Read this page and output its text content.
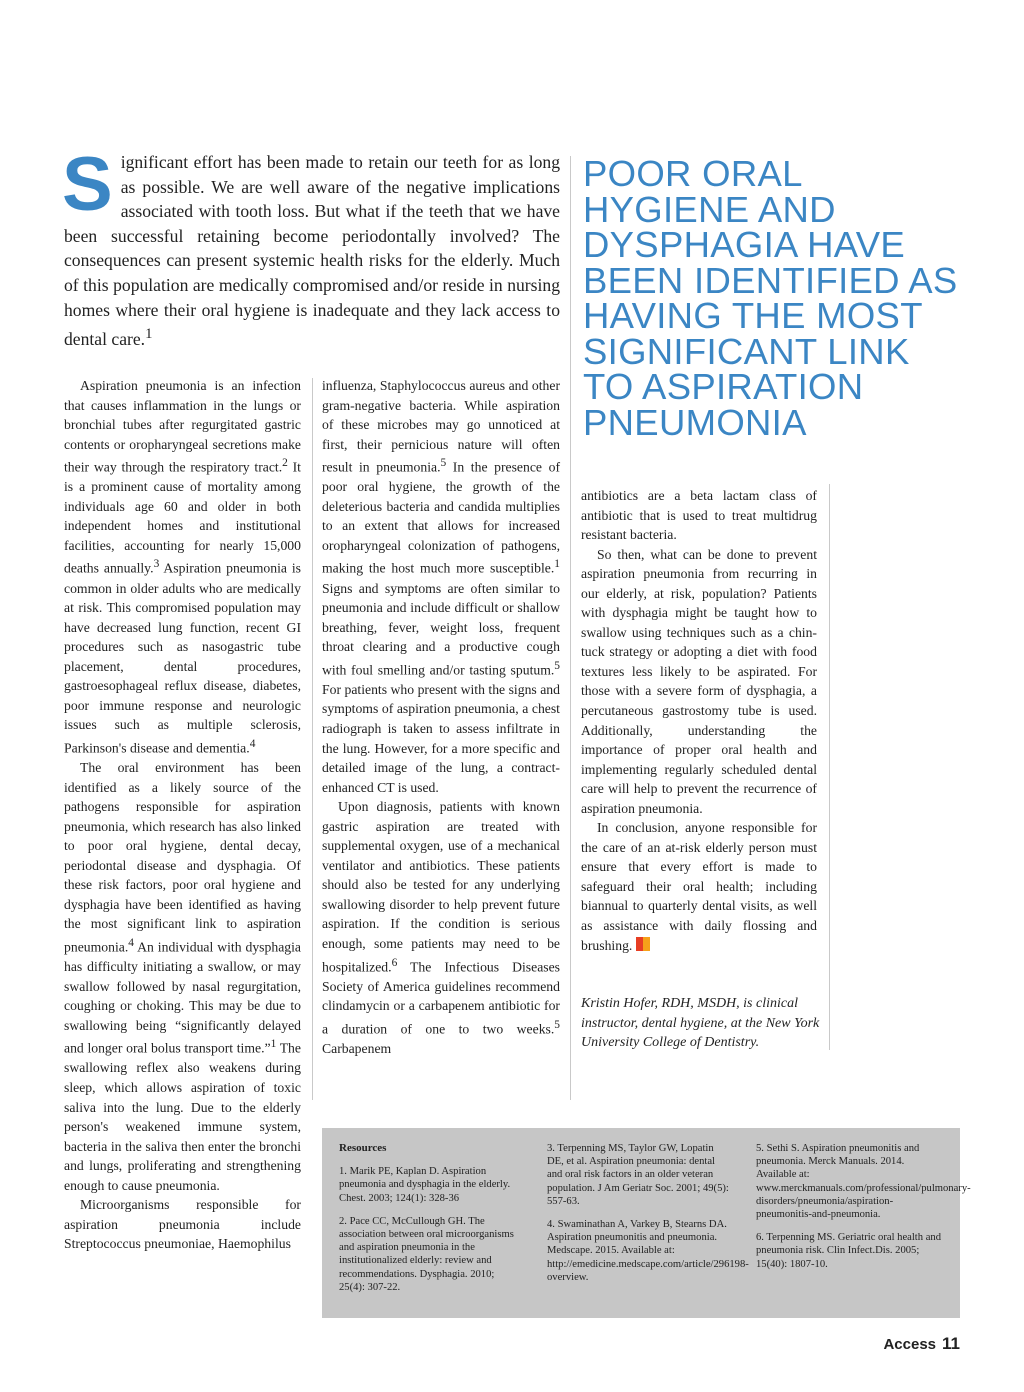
Significant effort has been made to retain our teeth for as long as possible. We are well aware of the negative implications associated with tooth loss. But what if the teeth that we have been successful retaining become periodontally involved? The consequences can present systemic health risks for the elderly. Much of this population are medically compromised and/or reside in nursing homes where their oral hygiene is inadequate and they lack access to dental care.$^1$
POOR ORAL HYGIENE AND DYSPHAGIA HAVE BEEN IDENTIFIED AS HAVING THE MOST SIGNIFICANT LINK TO ASPIRATION PNEUMONIA

Aspiration pneumonia is an infection that causes inflammation in the lungs or bronchial tubes after regurgitated gastric contents or oropharyngeal secretions make their way through the respiratory tract.$^2$ It is a prominent cause of mortality among individuals age 60 and older in both independent homes and institutional facilities, accounting for nearly 15,000 deaths annually.$^3$ Aspiration pneumonia is common in older adults who are medically at risk. This compromised population may have decreased lung function, recent GI procedures such as nasogastric tube placement, dental procedures, gastroesophageal reflux disease, diabetes, poor immune response and neurologic issues such as multiple sclerosis, Parkinson's disease and dementia.$^4$

The oral environment has been identified as a likely source of the pathogens responsible for aspiration pneumonia, which research has also linked to poor oral hygiene, dental decay, periodontal disease and dysphagia. Of these risk factors, poor oral hygiene and dysphagia have been identified as having the most significant link to aspiration pneumonia.$^4$ An individual with dysphagia has difficulty initiating a swallow, or may swallow followed by nasal regurgitation, coughing or choking. This may be due to swallowing being “significantly delayed and longer oral bolus transport time.”$^1$ The swallowing reflex also weakens during sleep, which allows aspiration of toxic saliva into the lung. Due to the elderly person's weakened immune system, bacteria in the saliva then enter the bronchi and lungs, proliferating and strengthening enough to cause pneumonia.

Microorganisms responsible for aspiration pneumonia include Streptococcus pneumoniae, Haemophilus

influenza, Staphylococcus aureus and other gram-negative bacteria. While aspiration of these microbes may go unnoticed at first, their pernicious nature will often result in pneumonia.$^5$ In the presence of poor oral hygiene, the growth of the deleterious bacteria and candida multiplies to an extent that allows for increased oropharyngeal colonization of pathogens, making the host much more susceptible.$^1$ Signs and symptoms are often similar to pneumonia and include difficult or shallow breathing, fever, weight loss, frequent throat clearing and a productive cough with foul smelling and/or tasting sputum.$^5$ For patients who present with the signs and symptoms of aspiration pneumonia, a chest radiograph is taken to assess infiltrate in the lung. However, for a more specific and detailed image of the lung, a contract-enhanced CT is used.

Upon diagnosis, patients with known gastric aspiration are treated with supplemental oxygen, use of a mechanical ventilator and antibiotics. These patients should also be tested for any underlying swallowing disorder to help prevent future aspiration. If the condition is serious enough, some patients may need to be hospitalized.$^6$ The Infectious Diseases Society of America guidelines recommend clindamycin or a carbapenem antibiotic for a duration of one to two weeks.$^5$ Carbapenem

antibiotics are a beta lactam class of antibiotic that is used to treat multidrug resistant bacteria.

So then, what can be done to prevent aspiration pneumonia from recurring in our elderly, at risk, population? Patients with dysphagia might be taught how to swallow using techniques such as a chin-tuck strategy or adopting a diet with food textures less likely to be aspirated. For those with a severe form of dysphagia, a percutaneous gastrostomy tube is used. Additionally, understanding the importance of proper oral health and implementing regularly scheduled dental care will help to prevent the recurrence of aspiration pneumonia.

In conclusion, anyone responsible for the care of an at-risk elderly person must ensure that every effort is made to safeguard their oral health; including biannual to quarterly dental visits, as well as assistance with daily flossing and brushing.

Kristin Hofer, RDH, MSDH, is clinical instructor, dental hygiene, at the New York University College of Dentistry.
Resources
1. Marik PE, Kaplan D. Aspiration pneumonia and dysphagia in the elderly. Chest. 2003; 124(1): 328-36
2. Pace CC, McCullough GH. The association between oral microorganisms and aspiration pneumonia in the institutionalized elderly: review and recommendations. Dysphagia. 2010; 25(4): 307-22.
3. Terpenning MS, Taylor GW, Lopatin DE, et al. Aspiration pneumonia: dental and oral risk factors in an older veteran population. J Am Geriatr Soc. 2001; 49(5): 557-63.
4. Swaminathan A, Varkey B, Stearns DA. Aspiration pneumonitis and pneumonia. Medscape. 2015. Available at: http://emedicine.medscape.com/article/296198-overview.
5. Sethi S. Aspiration pneumonitis and pneumonia. Merck Manuals. 2014. Available at: www.merckmanuals.com/professional/pulmonary-disorders/pneumonia/aspiration-pneumonitis-and-pneumonia.
6. Terpenning MS. Geriatric oral health and pneumonia risk. Clin Infect.Dis. 2005; 15(40): 1807-10.
Access 11
